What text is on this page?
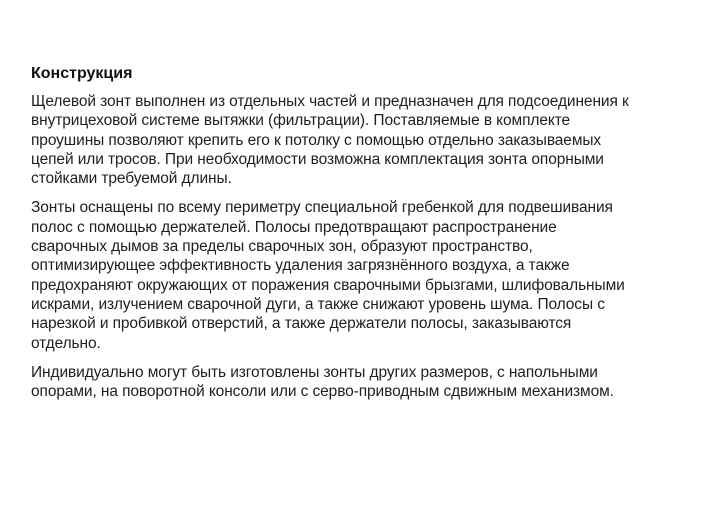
Конструкция

Щелевой зонт выполнен из отдельных частей и предназначен для подсоединения к
внутрицеховой системе вытяжки (фильтрации). Поставляемые в комплекте
проушины позволяют крепить его к потолку с помощью отдельно заказываемых
цепей или тросов. При необходимости возможна комплектация зонта опорными
стойками требуемой длины.

Зонты оснащены по всему периметру специальной гребенкой для подвешивания
полос с помощью держателей. Полосы предотвращают распространение
сварочных дымов за пределы сварочных зон, образуют пространство,
оптимизирующее эффективность удаления загрязнённого воздуха, а также
предохраняют окружающих от поражения сварочными брызгами, шлифовальными
искрами, излучением сварочной дуги, а также снижают уровень шума. Полосы с
нарезкой и пробивкой отверстий, а также держатели полосы, заказываются
отдельно.

Индивидуально могут быть изготовлены зонты других размеров, с напольными
опорами, на поворотной консоли или с серво-приводным сдвижным механизмом.
